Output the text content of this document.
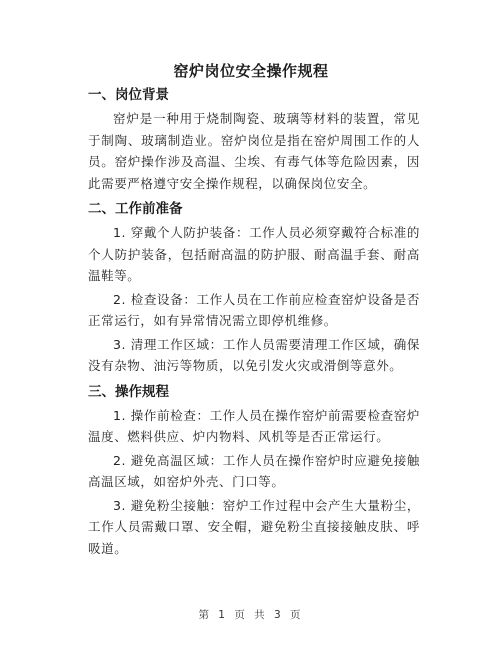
窑炉岗位安全操作规程
一、岗位背景

窑炉是一种用于烧制陶瓷、玻璃等材料的装置，常见于制陶、玻璃制造业。窑炉岗位是指在窑炉周围工作的人员。窑炉操作涉及高温、尘埃、有毒气体等危险因素，因此需要严格遵守安全操作规程，以确保岗位安全。

二、工作前准备

1. 穿戴个人防护装备：工作人员必须穿戴符合标准的个人防护装备，包括耐高温的防护服、耐高温手套、耐高温鞋等。

2. 检查设备：工作人员在工作前应检查窑炉设备是否正常运行，如有异常情况需立即停机维修。

3. 清理工作区域：工作人员需要清理工作区域，确保没有杂物、油污等物质，以免引发火灾或滑倒等意外。

三、操作规程

1. 操作前检查：工作人员在操作窑炉前需要检查窑炉温度、燃料供应、炉内物料、风机等是否正常运行。

2. 避免高温区域：工作人员在操作窑炉时应避免接触高温区域，如窑炉外壳、门口等。

3. 避免粉尘接触：窑炉工作过程中会产生大量粉尘，工作人员需戴口罩、安全帽，避免粉尘直接接触皮肤、呼吸道。

第 1 页 共 3 页
